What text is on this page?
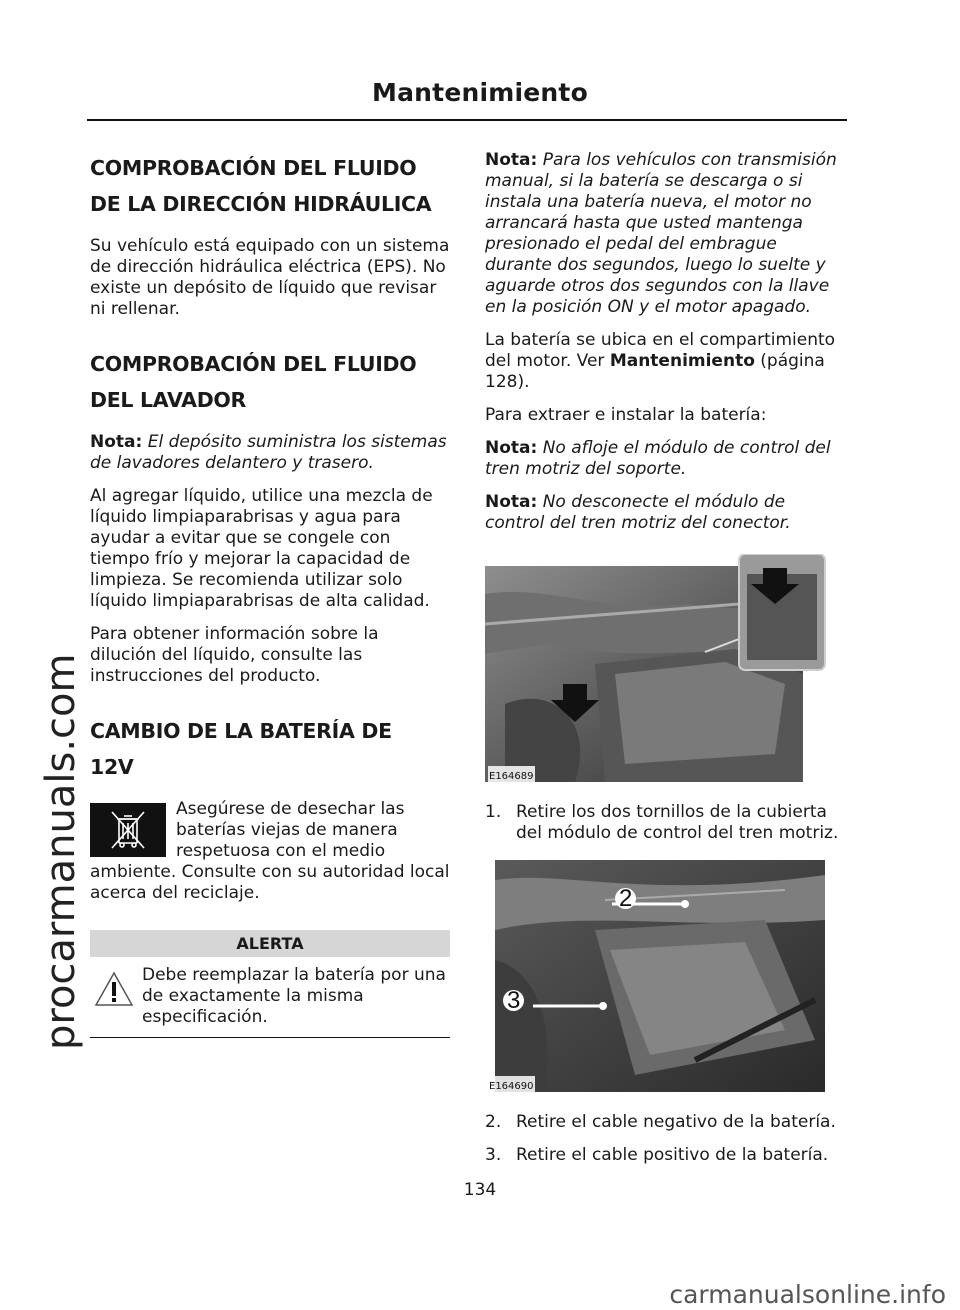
Mantenimiento
procarmanuals.com
COMPROBACIÓN DEL FLUIDO
DE LA DIRECCIÓN HIDRÁULICA

Su vehículo está equipado con un sistema de dirección hidráulica eléctrica (EPS). No existe un depósito de líquido que revisar ni rellenar.

COMPROBACIÓN DEL FLUIDO
DEL LAVADOR

Nota: El depósito suministra los sistemas de lavadores delantero y trasero.

Al agregar líquido, utilice una mezcla de líquido limpiaparabrisas y agua para ayudar a evitar que se congele con tiempo frío y mejorar la capacidad de limpieza. Se recomienda utilizar solo líquido limpiaparabrisas de alta calidad.

Para obtener información sobre la dilución del líquido, consulte las instrucciones del producto.

CAMBIO DE LA BATERÍA DE
12V
Asegúrese de desechar las baterías viejas de manera respetuosa con el medio ambiente. Consulte con su autoridad local acerca del reciclaje.
ALERTA
Debe reemplazar la batería por una de exactamente la misma especificación.

Nota: Para los vehículos con transmisión manual, si la batería se descarga o si instala una batería nueva, el motor no arrancará hasta que usted mantenga presionado el pedal del embrague durante dos segundos, luego lo suelte y aguarde otros dos segundos con la llave en la posición ON y el motor apagado.

La batería se ubica en el compartimiento del motor. Ver Mantenimiento (página 128).

Para extraer e instalar la batería:

Nota: No afloje el módulo de control del tren motriz del soporte.

Nota: No desconecte el módulo de control del tren motriz del conector.

E164689
1. Retire los dos tornillos de la cubierta del módulo de control del tren motriz.
2
3
E164690
2. Retire el cable negativo de la batería.
3. Retire el cable positivo de la batería.
134
carmanualsonline.info
